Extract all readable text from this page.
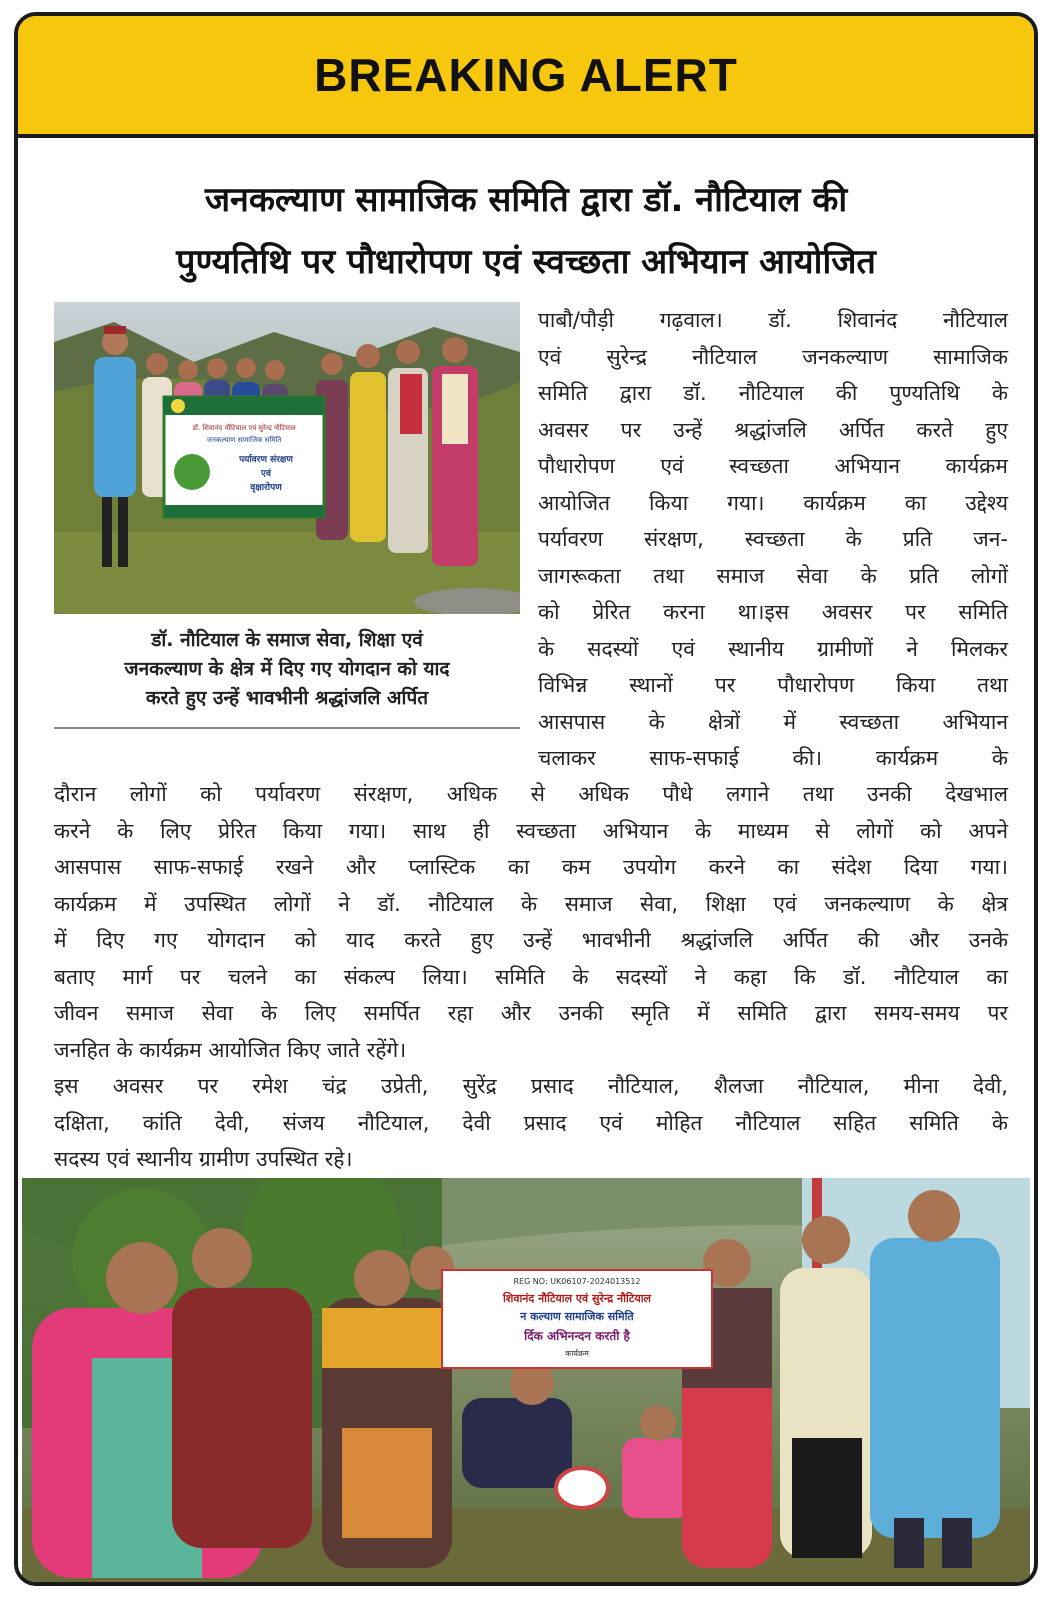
BREAKING ALERT
जनकल्याण सामाजिक समिति द्वारा डॉ. नौटियाल की
पुण्यतिथि पर पौधारोपण एवं स्वच्छता अभियान आयोजित
डॉ. शिवानंद नौटियाल एवं सुरेन्द्र नौटियाल
जनकल्याण सामाजिक समिति
पर्यावरण संरक्षण
एवं
वृक्षारोपण
डॉ. नौटियाल के समाज सेवा, शिक्षा एवं
जनकल्याण के क्षेत्र में दिए गए योगदान को याद
करते हुए उन्हें भावभीनी श्रद्धांजलि अर्पित
पाबौ/पौड़ी गढ़वाल। डॉ. शिवानंद नौटियाल
एवं सुरेन्द्र नौटियाल जनकल्याण सामाजिक
समिति द्वारा डॉ. नौटियाल की पुण्यतिथि के
अवसर पर उन्हें श्रद्धांजलि अर्पित करते हुए
पौधारोपण एवं स्वच्छता अभियान कार्यक्रम
आयोजित किया गया। कार्यक्रम का उद्देश्य
पर्यावरण संरक्षण, स्वच्छता के प्रति जन-
जागरूकता तथा समाज सेवा के प्रति लोगों
को प्रेरित करना था।इस अवसर पर समिति
के सदस्यों एवं स्थानीय ग्रामीणों ने मिलकर
विभिन्न स्थानों पर पौधारोपण किया तथा
आसपास के क्षेत्रों में स्वच्छता अभियान
चलाकर साफ-सफाई की। कार्यक्रम के
दौरान लोगों को पर्यावरण संरक्षण, अधिक से अधिक पौधे लगाने तथा उनकी देखभाल
करने के लिए प्रेरित किया गया। साथ ही स्वच्छता अभियान के माध्यम से लोगों को अपने
आसपास साफ-सफाई रखने और प्लास्टिक का कम उपयोग करने का संदेश दिया गया।
कार्यक्रम में उपस्थित लोगों ने डॉ. नौटियाल के समाज सेवा, शिक्षा एवं जनकल्याण के क्षेत्र
में दिए गए योगदान को याद करते हुए उन्हें भावभीनी श्रद्धांजलि अर्पित की और उनके
बताए मार्ग पर चलने का संकल्प लिया। समिति के सदस्यों ने कहा कि डॉ. नौटियाल का
जीवन समाज सेवा के लिए समर्पित रहा और उनकी स्मृति में समिति द्वारा समय-समय पर
जनहित के कार्यक्रम आयोजित किए जाते रहेंगे।
इस अवसर पर रमेश चंद्र उप्रेती, सुरेंद्र प्रसाद नौटियाल, शैलजा नौटियाल, मीना देवी,
दक्षिता, कांति देवी, संजय नौटियाल, देवी प्रसाद एवं मोहित नौटियाल सहित समिति के
सदस्य एवं स्थानीय ग्रामीण उपस्थित रहे।
REG NO: UK06107-2024013512
शिवानंद नौटियाल एवं सुरेन्द्र नौटियाल
न कल्याण सामाजिक समिति
र्दिक अभिनन्दन करती है
कार्यक्रम
